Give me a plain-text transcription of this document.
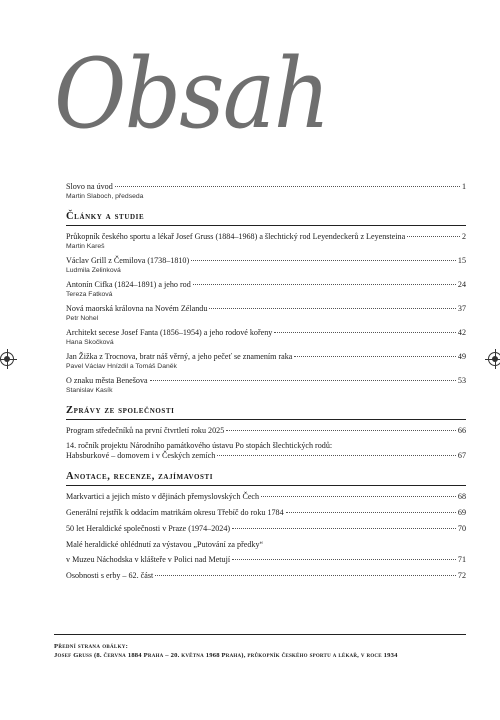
Obsah
Slovo na úvod	1
Martin Slaboch, předseda
Články a studie
Průkopník českého sportu a lékař Josef Gruss (1884–1968) a šlechtický rod Leyendeckerů z Leyensteina	2
Martin Kareš
Václav Grill z Čemilova (1738–1810)	15
Ludmila Zelinková
Antonín Cifka (1824–1891) a jeho rod	24
Tereza Fatková
Nová maorská královna na Novém Zélandu	37
Petr Nohel
Architekt secese Josef Fanta (1856–1954) a jeho rodové kořeny	42
Hana Skočková
Jan Žižka z Trocnova, bratr náš věrný, a jeho pečeť se znamením raka	49
Pavel Václav Hnízdil a Tomáš Daněk
O znaku města Benešova	53
Stanislav Kasík
Zprávy ze společnosti
Program středečníků na první čtvrtletí roku 2025	66
14. ročník projektu Národního památkového ústavu Po stopách šlechtických rodů:
Habsburkové – domovem i v Českých zemích	67
Anotace, recenze, zajímavosti
Markvartici a jejich místo v dějinách přemyslovských Čech	68
Generální rejstřík k oddacím matrikám okresu Třebíč do roku 1784	69
50 let Heraldické společnosti v Praze (1974–2024)	70
Malé heraldické ohlédnutí za výstavou „Putování za předky“
v Muzeu Náchodska v klášteře v Polici nad Metují	71
Osobnosti s erby – 62. část	72
Přední strana obálky:
Josef Gruss (8. června 1884 Praha – 20. května 1968 Praha), průkopník českého sportu a lékař, v roce 1934
